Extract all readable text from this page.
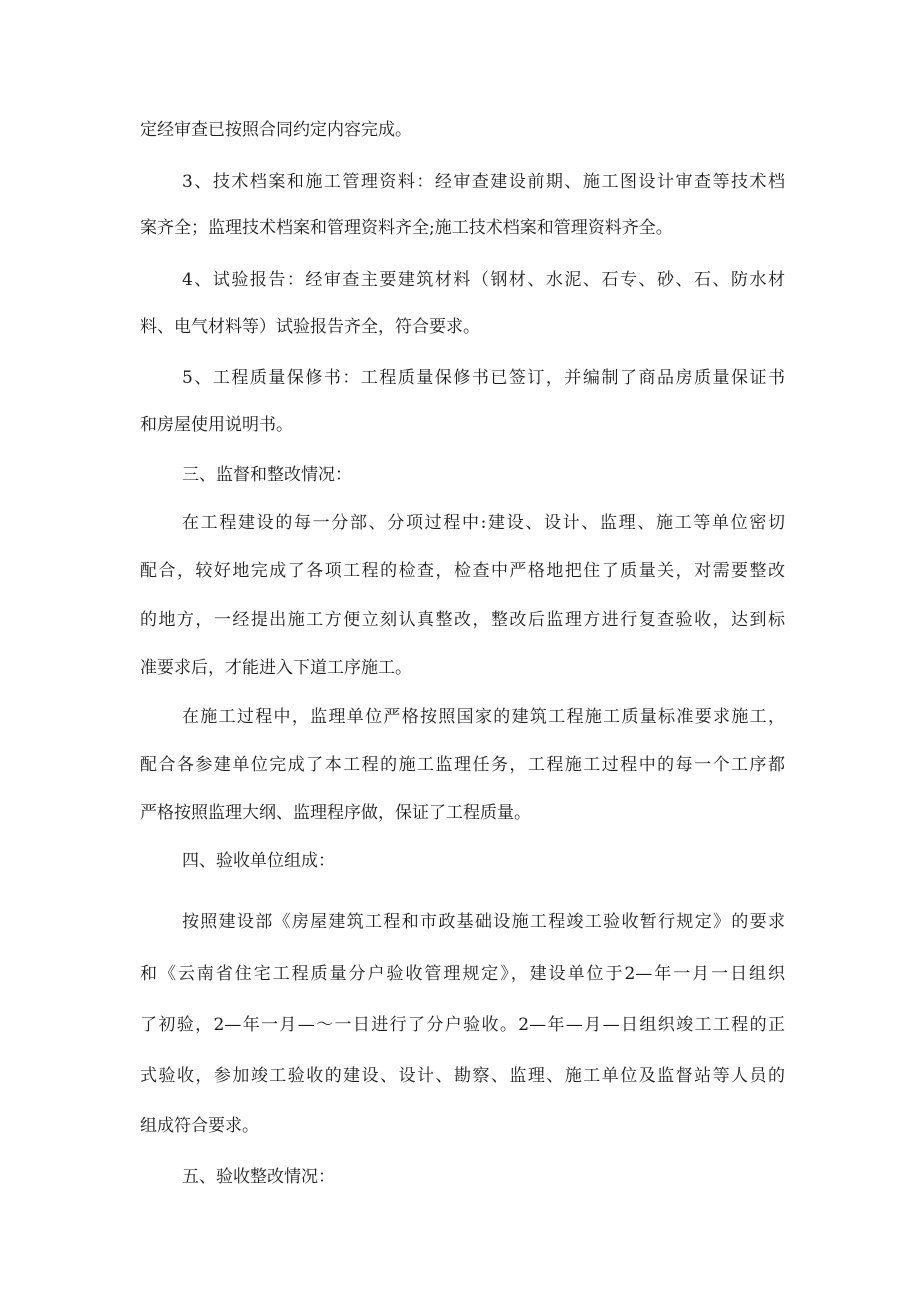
定经审查已按照合同约定内容完成。
3、技术档案和施工管理资料：经审查建设前期、施工图设计审查等技术档
案齐全；监理技术档案和管理资料齐全;施工技术档案和管理资料齐全。
4、试验报告：经审查主要建筑材料（钢材、水泥、石专、砂、石、防水材
料、电气材料等）试验报告齐全，符合要求。
5、工程质量保修书：工程质量保修书已签订，并编制了商品房质量保证书
和房屋使用说明书。
三、监督和整改情况：
在工程建设的每一分部、分项过程中:建设、设计、监理、施工等单位密切
配合，较好地完成了各项工程的检查，检查中严格地把住了质量关，对需要整改
的地方，一经提出施工方便立刻认真整改，整改后监理方进行复查验收，达到标
准要求后，才能进入下道工序施工。
在施工过程中，监理单位严格按照国家的建筑工程施工质量标准要求施工，
配合各参建单位完成了本工程的施工监理任务，工程施工过程中的每一个工序都
严格按照监理大纲、监理程序做，保证了工程质量。
四、验收单位组成：
按照建设部《房屋建筑工程和市政基础设施工程竣工验收暂行规定》的要求
和《云南省住宅工程质量分户验收管理规定》，建设单位于2—年一月一日组织
了初验，2—年一月—〜一日进行了分户验收。2—年—月—日组织竣工工程的正
式验收，参加竣工验收的建设、设计、勘察、监理、施工单位及监督站等人员的
组成符合要求。
五、验收整改情况：
